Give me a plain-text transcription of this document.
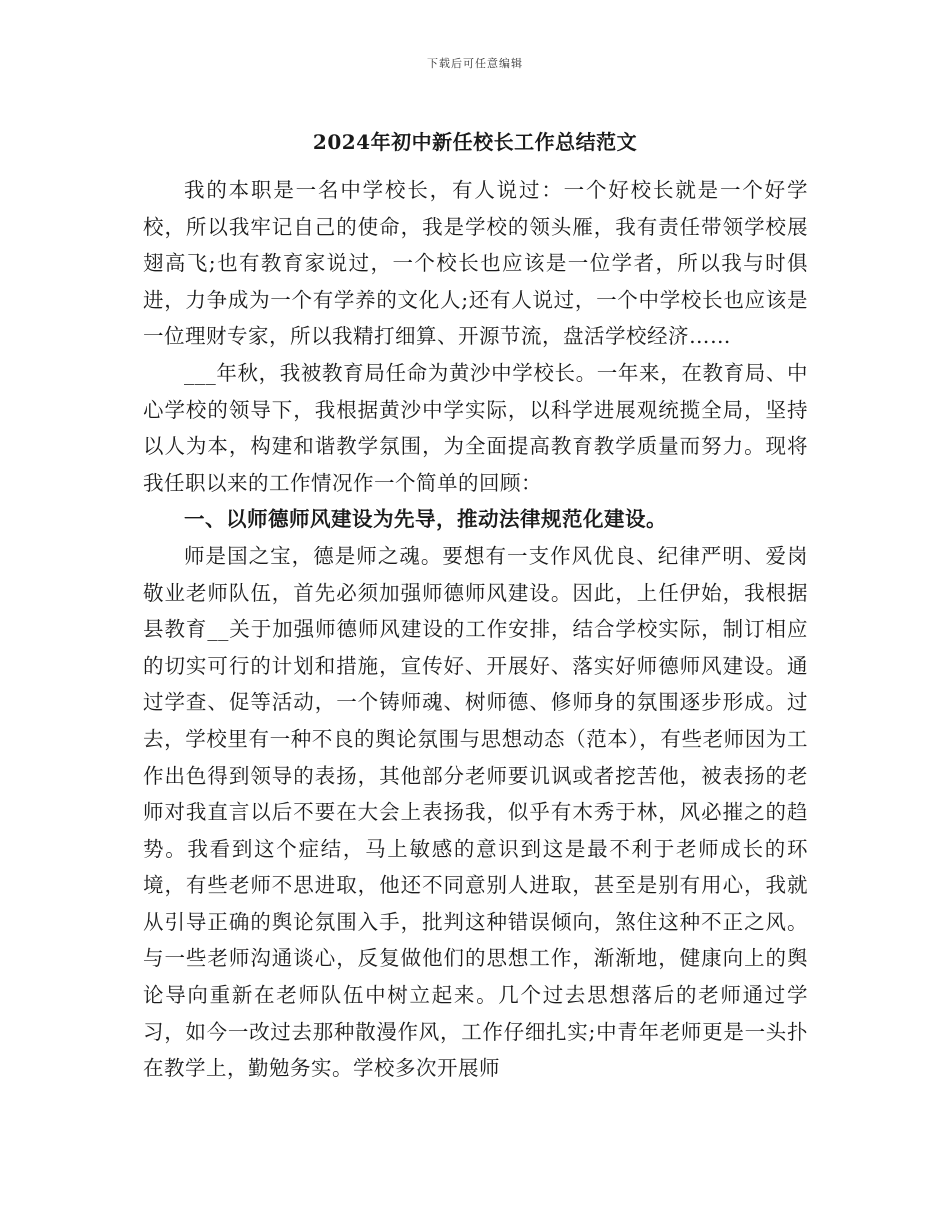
下载后可任意编辑
2024年初中新任校长工作总结范文

我的本职是一名中学校长，有人说过：一个好校长就是一个好学校，所以我牢记自己的使命，我是学校的领头雁，我有责任带领学校展翅高飞;也有教育家说过，一个校长也应该是一位学者，所以我与时俱进，力争成为一个有学养的文化人;还有人说过，一个中学校长也应该是一位理财专家，所以我精打细算、开源节流，盘活学校经济……

___年秋，我被教育局任命为黄沙中学校长。一年来，在教育局、中心学校的领导下，我根据黄沙中学实际，以科学进展观统揽全局，坚持以人为本，构建和谐教学氛围，为全面提高教育教学质量而努力。现将我任职以来的工作情况作一个简单的回顾：

一、以师德师风建设为先导，推动法律规范化建设。

师是国之宝，德是师之魂。要想有一支作风优良、纪律严明、爱岗敬业老师队伍，首先必须加强师德师风建设。因此，上任伊始，我根据县教育__关于加强师德师风建设的工作安排，结合学校实际，制订相应的切实可行的计划和措施，宣传好、开展好、落实好师德师风建设。通过学查、促等活动，一个铸师魂、树师德、修师身的氛围逐步形成。过去，学校里有一种不良的舆论氛围与思想动态（范本），有些老师因为工作出色得到领导的表扬，其他部分老师要讥讽或者挖苦他，被表扬的老师对我直言以后不要在大会上表扬我，似乎有木秀于林，风必摧之的趋势。我看到这个症结，马上敏感的意识到这是最不利于老师成长的环境，有些老师不思进取，他还不同意别人进取，甚至是别有用心，我就从引导正确的舆论氛围入手，批判这种错误倾向，煞住这种不正之风。与一些老师沟通谈心，反复做他们的思想工作，渐渐地，健康向上的舆论导向重新在老师队伍中树立起来。几个过去思想落后的老师通过学习，如今一改过去那种散漫作风，工作仔细扎实;中青年老师更是一头扑在教学上，勤勉务实。学校多次开展师
